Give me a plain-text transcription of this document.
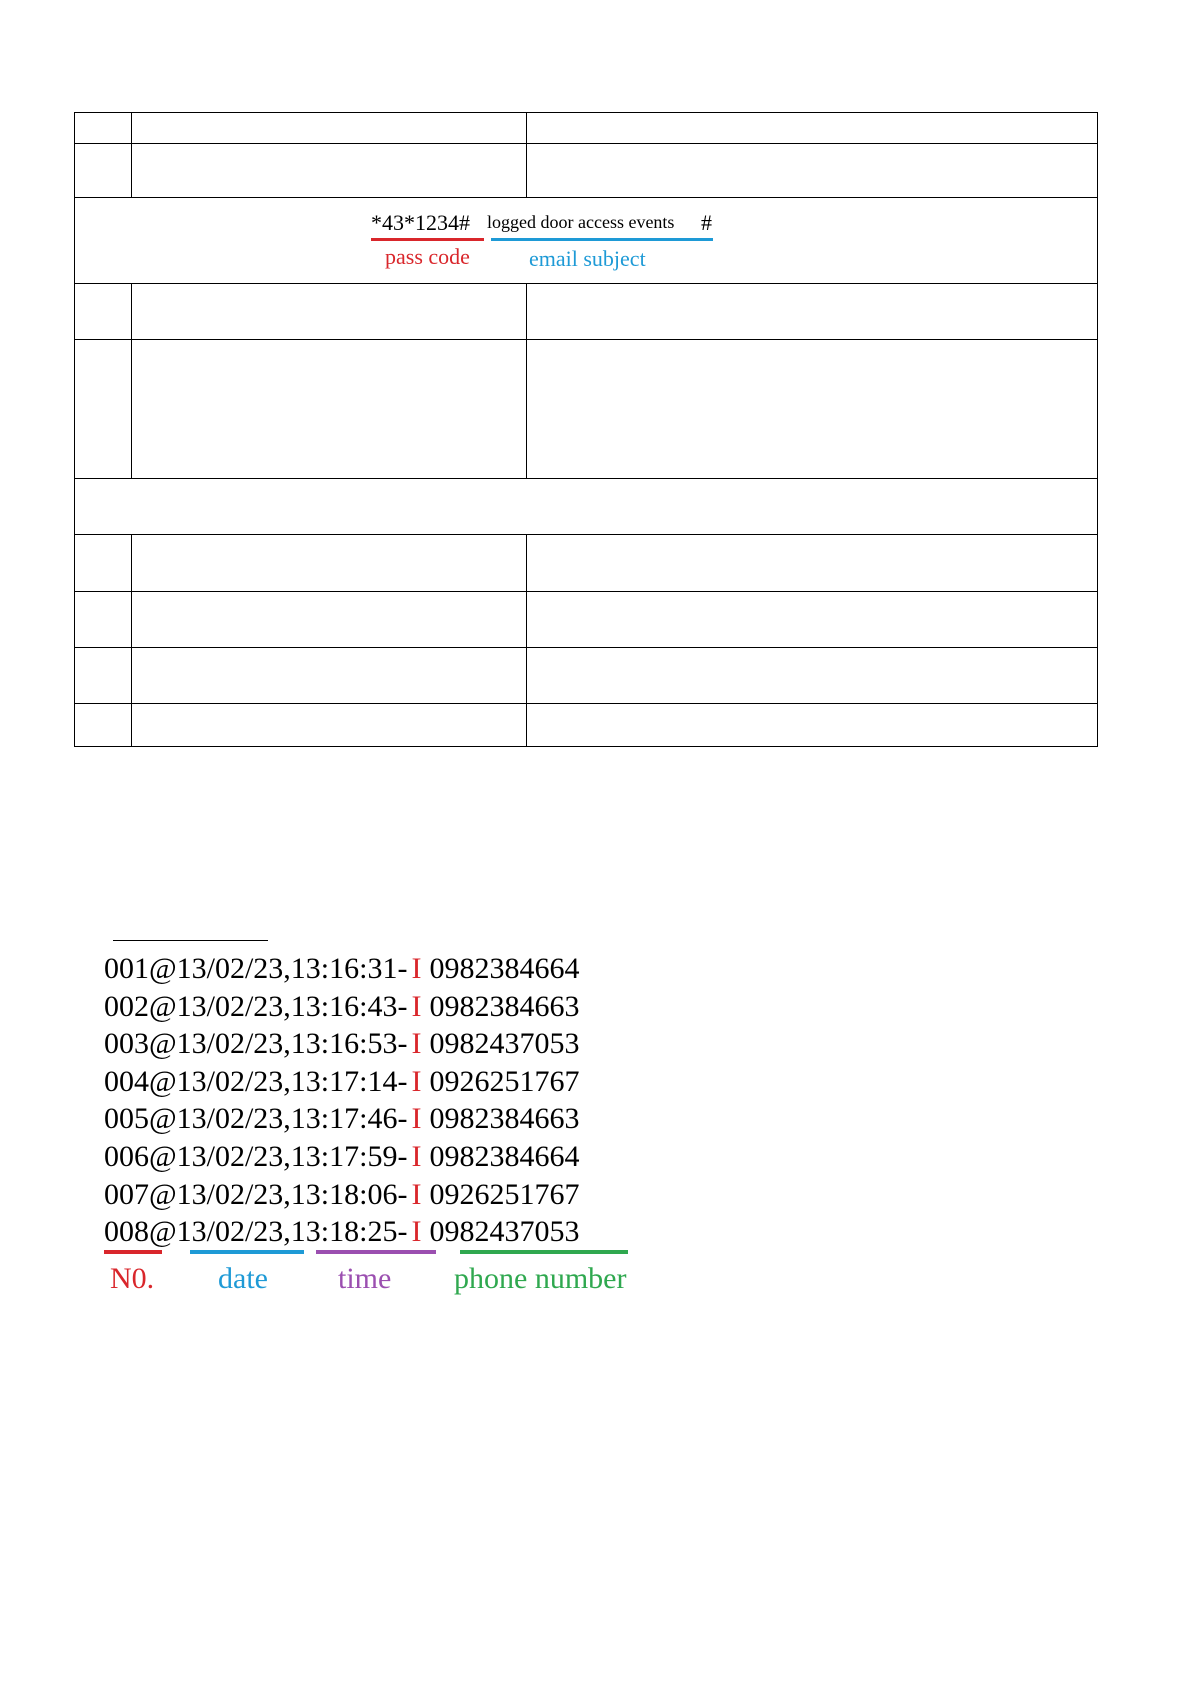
*43*1234# logged door access events #
pass code email subject		

001@13/02/23,13:16:31- I 0982384664
002@13/02/23,13:16:43- I 0982384663
003@13/02/23,13:16:53- I 0982437053
004@13/02/23,13:17:14- I 0926251767
005@13/02/23,13:17:46- I 0982384663
006@13/02/23,13:17:59- I 0982384664
007@13/02/23,13:18:06- I 0926251767
008@13/02/23,13:18:25- I 0982437053
N0. date time phone number
